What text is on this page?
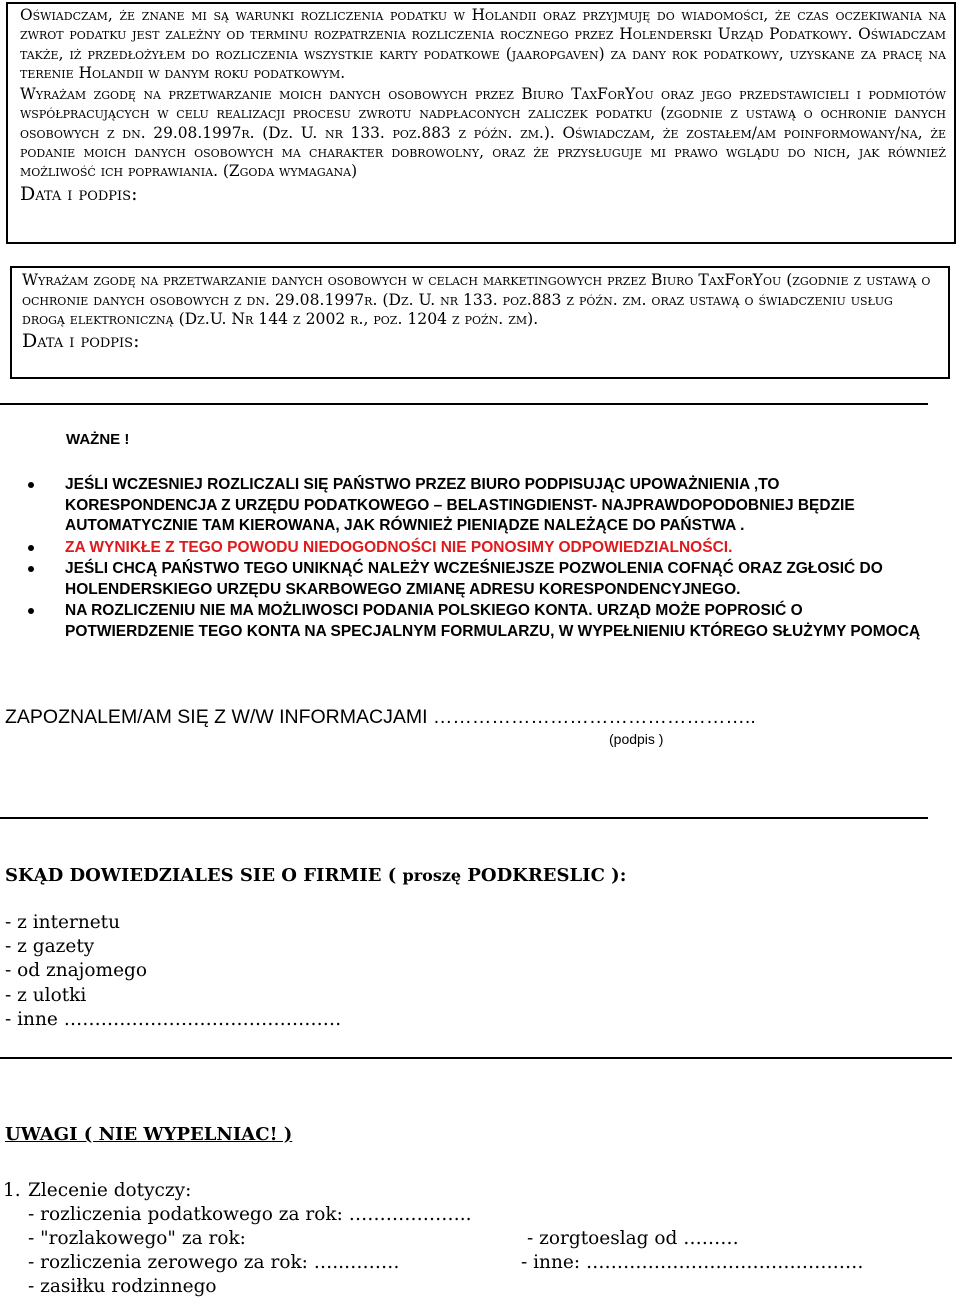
Oświadczam, że znane mi są warunki rozliczenia podatku w Holandii oraz przyjmuję do wiadomości, że czas oczekiwania na zwrot podatku jest zależny od terminu rozpatrzenia rozliczenia rocznego przez Holenderski Urząd Podatkowy. Oświadczam także, iż przedłożyłem do rozliczenia wszystkie karty podatkowe (jaaropgaven) za dany rok podatkowy, uzyskane za pracę na terenie Holandii w danym roku podatkowym.

Wyrażam zgodę na przetwarzanie moich danych osobowych przez Biuro TaxForYou oraz jego przedstawicieli i podmiotów współpracujących w celu realizacji procesu zwrotu nadpłaconych zaliczek podatku (zgodnie z ustawą o ochronie danych osobowych z dn. 29.08.1997r. (Dz. U. nr 133. poz.883 z późn. zm.). Oświadczam, że zostałem/am poinformowany/na, że podanie moich danych osobowych ma charakter dobrowolny, oraz że przysługuje mi prawo wglądu do nich, jak również możliwość ich poprawiania. (Zgoda wymagana)

Data i podpis:
Wyrażam zgodę na przetwarzanie danych osobowych w celach marketingowych przez Biuro TaxForYou (zgodnie z ustawą o ochronie danych osobowych z dn. 29.08.1997r. (Dz. U. nr 133. poz.883 z późn. zm. oraz ustawą o świadczeniu usług drogą elektroniczną (Dz.U. Nr 144 z 2002 r., poz. 1204 z poźn. zm).
Data i podpis:
WAŻNE !
JEŚLI WCZESNIEJ ROZLICZALI SIĘ PAŃSTWO PRZEZ BIURO PODPISUJĄC UPOWAŻNIENIA ,TO KORESPONDENCJA Z URZĘDU PODATKOWEGO – BELASTINGDIENST- NAJPRAWDOPODOBNIEJ BĘDZIE AUTOMATYCZNIE TAM KIEROWANA, JAK RÓWNIEŻ PIENIĄDZE NALEŻĄCE DO PAŃSTWA .
ZA WYNIKŁE Z TEGO POWODU NIEDOGODNOŚCI NIE PONOSIMY ODPOWIEDZIALNOŚCI.
JEŚLI CHCĄ PAŃSTWO TEGO UNIKNĄĆ NALEŻY WCZEŚNIEJSZE POZWOLENIA COFNĄĆ ORAZ ZGŁOSIĆ DO HOLENDERSKIEGO URZĘDU SKARBOWEGO ZMIANĘ ADRESU KORESPONDENCYJNEGO.
NA ROZLICZENIU NIE MA MOŻLIWOSCI PODANIA POLSKIEGO KONTA. URZĄD MOŻE POPROSIĆ O POTWIERDZENIE TEGO KONTA NA SPECJALNYM FORMULARZU, W WYPEŁNIENIU KTÓREGO SŁUŻYMY POMOCĄ
ZAPOZNALEM/AM SIĘ Z W/W INFORMACJAMI …………………………………………..
(podpis )
SKĄD DOWIEDZIALES SIE O FIRMIE ( proszę PODKRESLIC ):
- z internetu
- z gazety
- od znajomego
- z ulotki
- inne ………………………………………
UWAGI ( NIE WYPELNIAC! )
1. Zlecenie dotyczy:
- rozliczenia podatkowego za rok: ………………..
- "rozlakowego" za rok:	- zorgtoeslag od ………
- rozliczenia zerowego za rok: …..………	- inne: ………………………………………
- zasiłku rodzinnego
